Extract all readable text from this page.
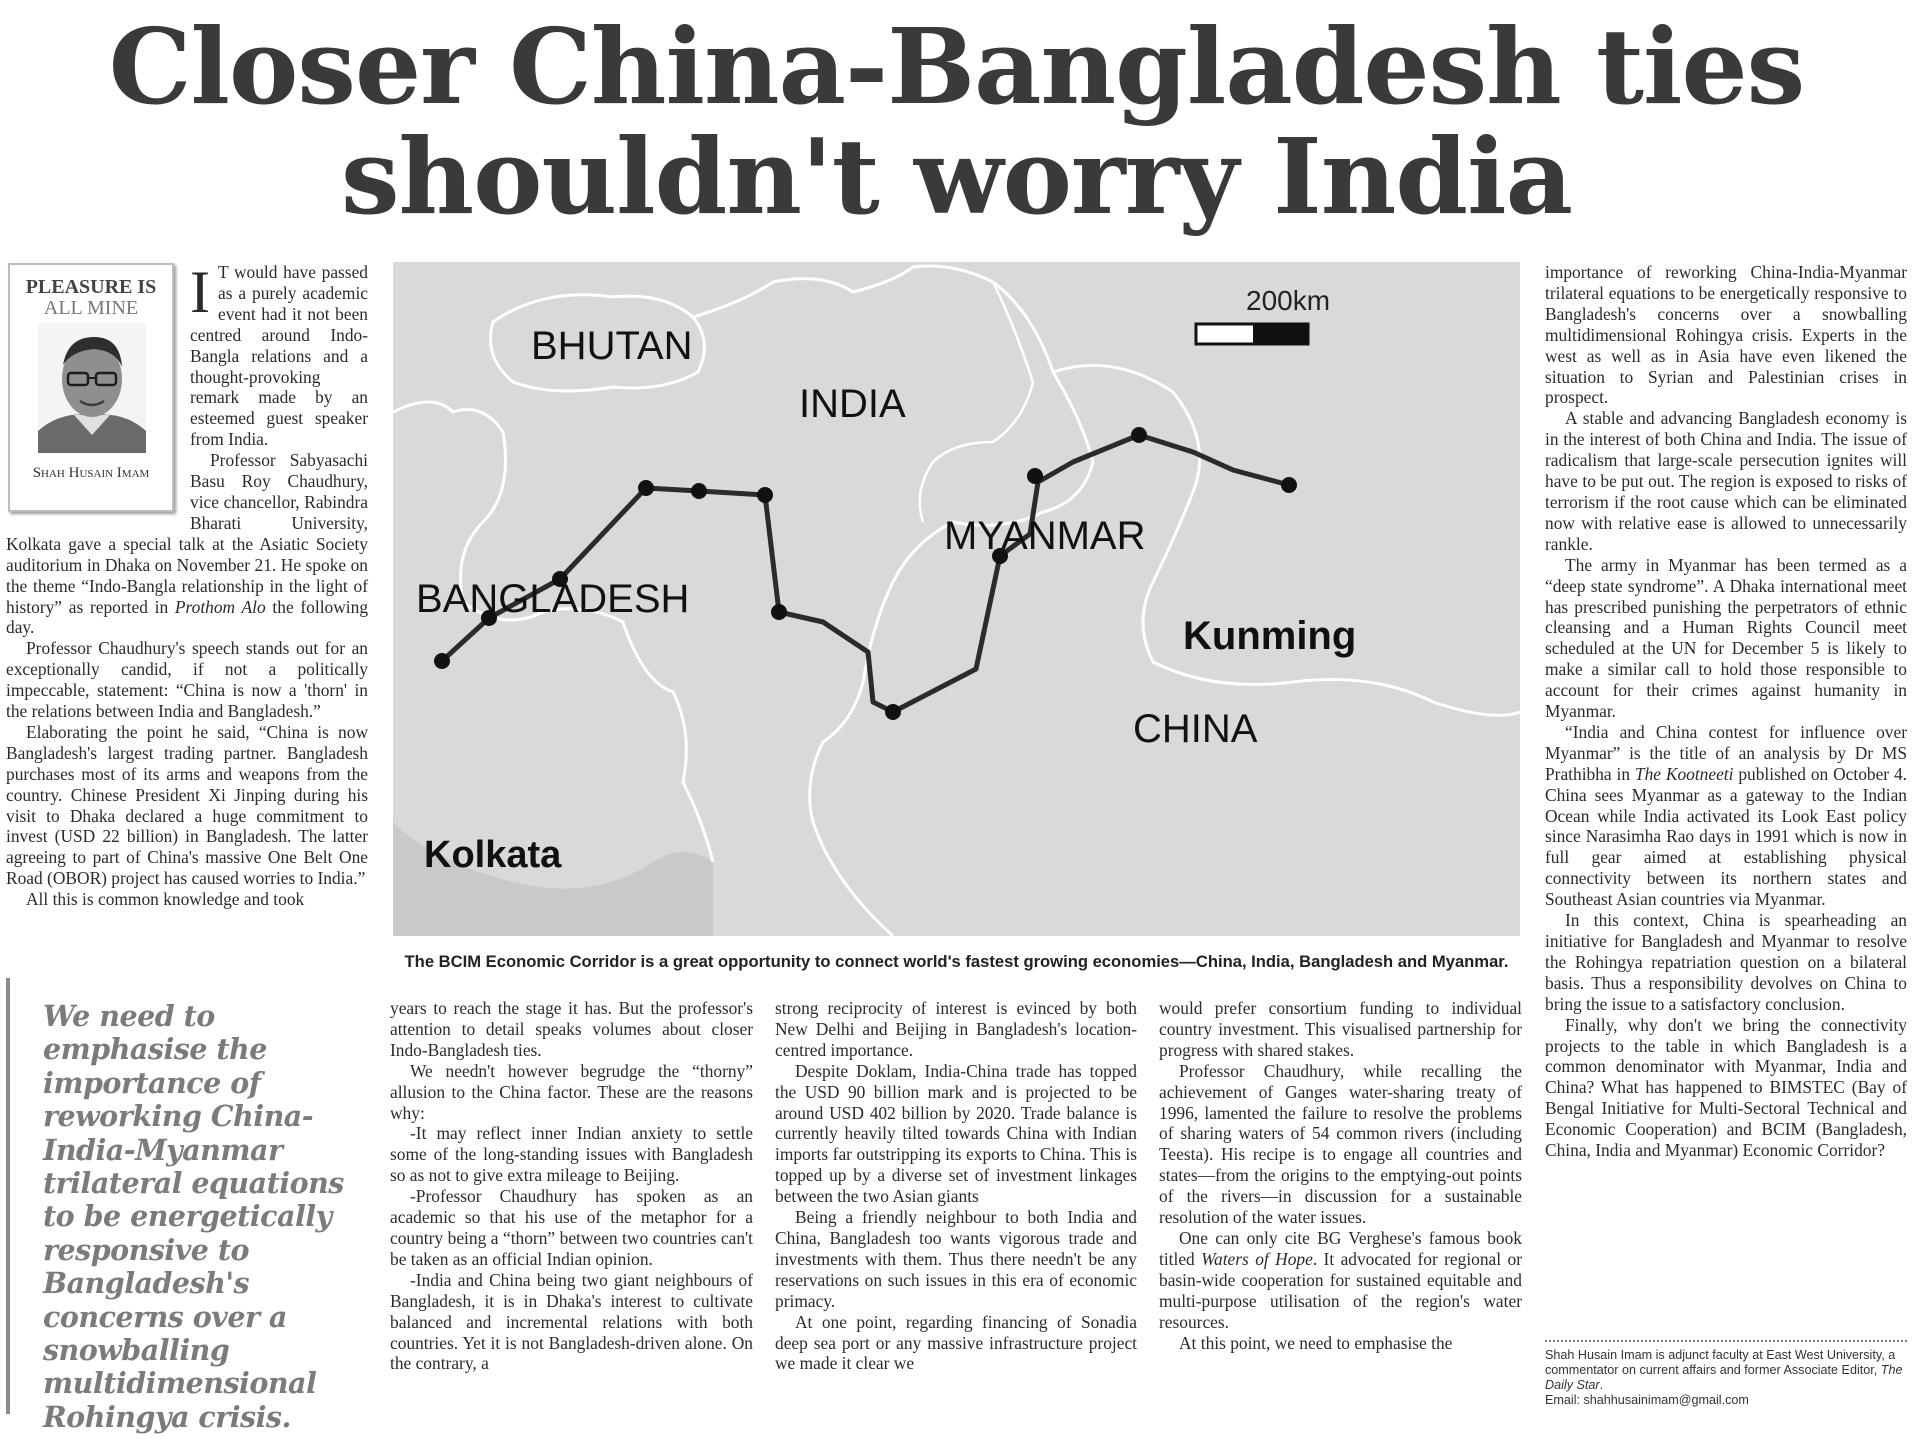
Closer China-Bangladesh ties
shouldn't worry India

I T would have passed as a purely academic event had it not been centred around Indo-Bangla relations and a thought-provoking remark made by an esteemed guest speaker from India.

Professor Sabyasachi Basu Roy Chaudhury, vice chancellor, Rabindra Bharati University, Kolkata gave a special talk at the Asiatic Society auditorium in Dhaka on November 21. He spoke on the theme “Indo-Bangla relationship in the light of history” as reported in Prothom Alo the following day.

Professor Chaudhury's speech stands out for an exceptionally candid, if not a politically impeccable, statement: “China is now a 'thorn' in the relations between India and Bangladesh.”

Elaborating the point he said, “China is now Bangladesh's largest trading partner. Bangladesh purchases most of its arms and weapons from the country. Chinese President Xi Jinping during his visit to Dhaka declared a huge commitment to invest (USD 22 billion) in Bangladesh. The latter agreeing to part of China's massive One Belt One Road (OBOR) project has caused worries to India.”

All this is common knowledge and took

PLEASURE IS
ALL MINE
Shah Husain Imam
200km
BHUTAN
INDIA
MYANMAR
BANGLADESH
Kunming
CHINA
Kolkata
The BCIM Economic Corridor is a great opportunity to connect world's fastest growing economies—China, India, Bangladesh and Myanmar.
We need to emphasise the importance of reworking China-India-Myanmar trilateral equations to be energetically responsive to Bangladesh's concerns over a snowballing multidimensional Rohingya crisis.

years to reach the stage it has. But the professor's attention to detail speaks volumes about closer Indo-Bangladesh ties.

We needn't however begrudge the “thorny” allusion to the China factor. These are the reasons why:

-It may reflect inner Indian anxiety to settle some of the long-standing issues with Bangladesh so as not to give extra mileage to Beijing.

-Professor Chaudhury has spoken as an academic so that his use of the metaphor for a country being a “thorn” between two countries can't be taken as an official Indian opinion.

-India and China being two giant neighbours of Bangladesh, it is in Dhaka's interest to cultivate balanced and incremental relations with both countries. Yet it is not Bangladesh-driven alone. On the contrary, a

strong reciprocity of interest is evinced by both New Delhi and Beijing in Bangladesh's location-centred importance.

Despite Doklam, India-China trade has topped the USD 90 billion mark and is projected to be around USD 402 billion by 2020. Trade balance is currently heavily tilted towards China with Indian imports far outstripping its exports to China. This is topped up by a diverse set of investment linkages between the two Asian giants

Being a friendly neighbour to both India and China, Bangladesh too wants vigorous trade and investments with them. Thus there needn't be any reservations on such issues in this era of economic primacy.

At one point, regarding financing of Sonadia deep sea port or any massive infrastructure project we made it clear we

would prefer consortium funding to individual country investment. This visualised partnership for progress with shared stakes.

Professor Chaudhury, while recalling the achievement of Ganges water-sharing treaty of 1996, lamented the failure to resolve the problems of sharing waters of 54 common rivers (including Teesta). His recipe is to engage all countries and states—from the origins to the emptying-out points of the rivers—in discussion for a sustainable resolution of the water issues.

One can only cite BG Verghese's famous book titled Waters of Hope. It advocated for regional or basin-wide cooperation for sustained equitable and multi-purpose utilisation of the region's water resources.

At this point, we need to emphasise the

importance of reworking China-India-Myanmar trilateral equations to be energetically responsive to Bangladesh's concerns over a snowballing multidimensional Rohingya crisis. Experts in the west as well as in Asia have even likened the situation to Syrian and Palestinian crises in prospect.

A stable and advancing Bangladesh economy is in the interest of both China and India. The issue of radicalism that large-scale persecution ignites will have to be put out. The region is exposed to risks of terrorism if the root cause which can be eliminated now with relative ease is allowed to unnecessarily rankle.

The army in Myanmar has been termed as a “deep state syndrome”. A Dhaka international meet has prescribed punishing the perpetrators of ethnic cleansing and a Human Rights Council meet scheduled at the UN for December 5 is likely to make a similar call to hold those responsible to account for their crimes against humanity in Myanmar.

“India and China contest for influence over Myanmar” is the title of an analysis by Dr MS Prathibha in The Kootneeti published on October 4. China sees Myanmar as a gateway to the Indian Ocean while India activated its Look East policy since Narasimha Rao days in 1991 which is now in full gear aimed at establishing physical connectivity between its northern states and Southeast Asian countries via Myanmar.

In this context, China is spearheading an initiative for Bangladesh and Myanmar to resolve the Rohingya repatriation question on a bilateral basis. Thus a responsibility devolves on China to bring the issue to a satisfactory conclusion.

Finally, why don't we bring the connectivity projects to the table in which Bangladesh is a common denominator with Myanmar, India and China? What has happened to BIMSTEC (Bay of Bengal Initiative for Multi-Sectoral Technical and Economic Cooperation) and BCIM (Bangladesh, China, India and Myanmar) Economic Corridor?

Shah Husain Imam is adjunct faculty at East West University, a commentator on current affairs and former Associate Editor, The Daily Star.
Email: shahhusainimam@gmail.com
